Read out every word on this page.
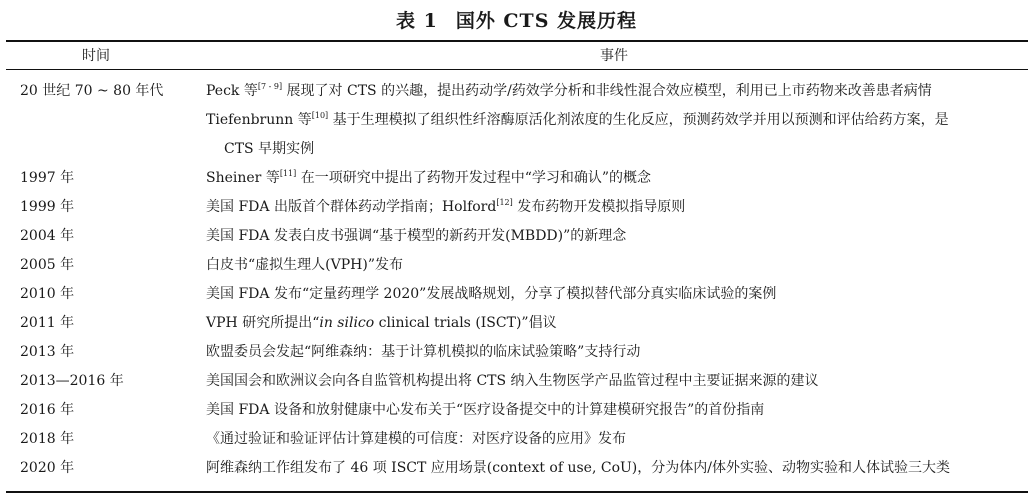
表 1 国外 CTS 发展历程
时间	事件
20 世纪 70 ~ 80 年代	Peck 等[7 - 9] 展现了对 CTS 的兴趣，提出药动学/药效学分析和非线性混合效应模型，利用已上市药物来改善患者病情
Tiefenbrunn 等[10] 基于生理模拟了组织性纤溶酶原活化剂浓度的生化反应，预测药效学并用以预测和评估给药方案，是
CTS 早期实例
1997 年	Sheiner 等[11] 在一项研究中提出了药物开发过程中“学习和确认”的概念
1999 年	美国 FDA 出版首个群体药动学指南；Holford[12] 发布药物开发模拟指导原则
2004 年	美国 FDA 发表白皮书强调“基于模型的新药开发(MBDD)”的新理念
2005 年	白皮书“虚拟生理人(VPH)”发布
2010 年	美国 FDA 发布“定量药理学 2020”发展战略规划，分享了模拟替代部分真实临床试验的案例
2011 年	VPH 研究所提出“in silico clinical trials (ISCT)”倡议
2013 年	欧盟委员会发起“阿维森纳：基于计算机模拟的临床试验策略”支持行动
2013—2016 年	美国国会和欧洲议会向各自监管机构提出将 CTS 纳入生物医学产品监管过程中主要证据来源的建议
2016 年	美国 FDA 设备和放射健康中心发布关于“医疗设备提交中的计算建模研究报告”的首份指南
2018 年	《通过验证和验证评估计算建模的可信度：对医疗设备的应用》发布
2020 年	阿维森纳工作组发布了 46 项 ISCT 应用场景(context of use, CoU)，分为体内/体外实验、动物实验和人体试验三大类
